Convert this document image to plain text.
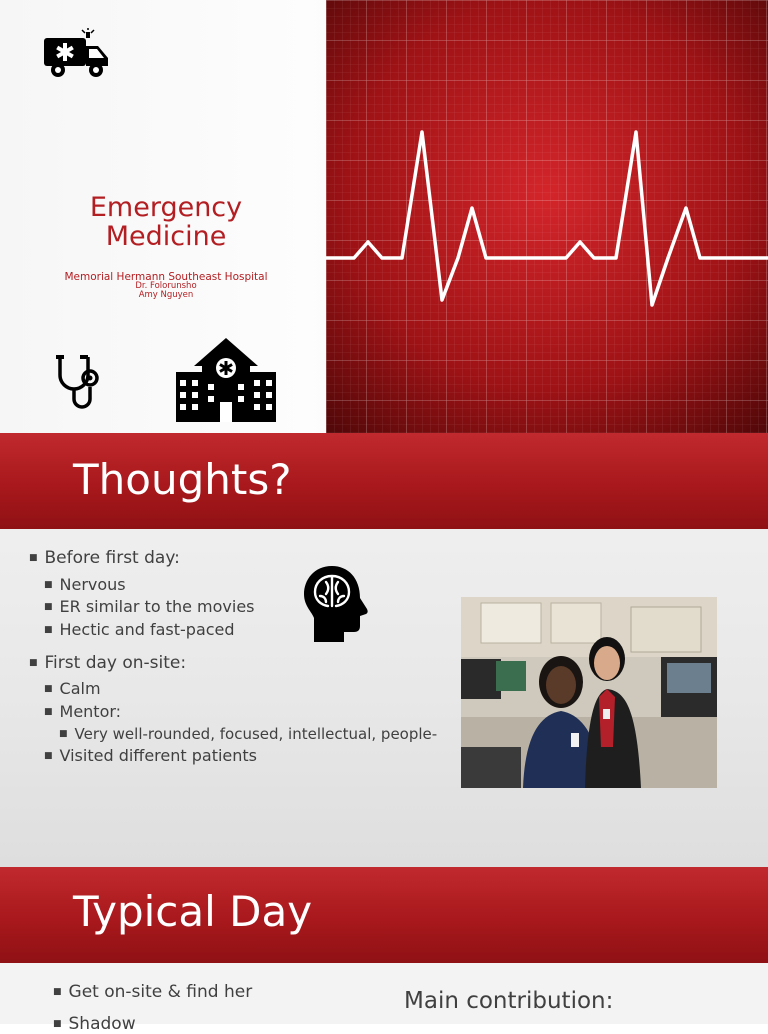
Emergency
Medicine
Memorial Hermann Southeast Hospital
Dr. Folorunsho
Amy Nguyen
Thoughts?
■ Before first day:
■ Nervous
■ ER similar to the movies
■ Hectic and fast-paced
■ First day on-site:
■ Calm
■ Mentor:
■ Very well-rounded, focused, intellectual, people-
■ Visited different patients
Typical Day
■ Get on-site & find her
■ Shadow
Main contribution:
